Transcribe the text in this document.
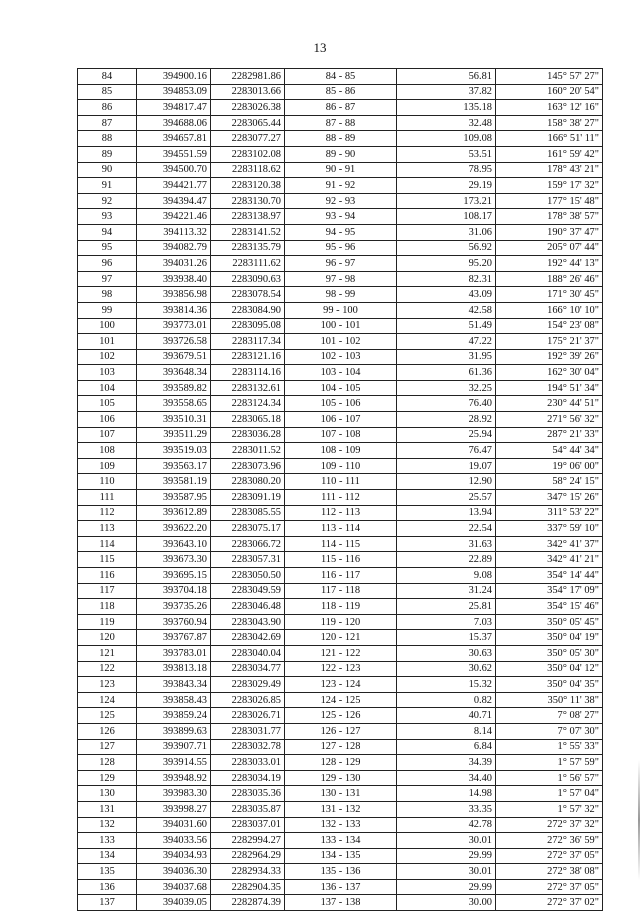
13
84	394900.16	2282981.86	84 - 85	56.81	145° 57' 27"
85	394853.09	2283013.66	85 - 86	37.82	160° 20' 54"
86	394817.47	2283026.38	86 - 87	135.18	163° 12' 16"
87	394688.06	2283065.44	87 - 88	32.48	158° 38' 27"
88	394657.81	2283077.27	88 - 89	109.08	166° 51' 11"
89	394551.59	2283102.08	89 - 90	53.51	161° 59' 42"
90	394500.70	2283118.62	90 - 91	78.95	178° 43' 21"
91	394421.77	2283120.38	91 - 92	29.19	159° 17' 32"
92	394394.47	2283130.70	92 - 93	173.21	177° 15' 48"
93	394221.46	2283138.97	93 - 94	108.17	178° 38' 57"
94	394113.32	2283141.52	94 - 95	31.06	190° 37' 47"
95	394082.79	2283135.79	95 - 96	56.92	205° 07' 44"
96	394031.26	2283111.62	96 - 97	95.20	192° 44' 13"
97	393938.40	2283090.63	97 - 98	82.31	188° 26' 46"
98	393856.98	2283078.54	98 - 99	43.09	171° 30' 45"
99	393814.36	2283084.90	99 - 100	42.58	166° 10' 10"
100	393773.01	2283095.08	100 - 101	51.49	154° 23' 08"
101	393726.58	2283117.34	101 - 102	47.22	175° 21' 37"
102	393679.51	2283121.16	102 - 103	31.95	192° 39' 26"
103	393648.34	2283114.16	103 - 104	61.36	162° 30' 04"
104	393589.82	2283132.61	104 - 105	32.25	194° 51' 34"
105	393558.65	2283124.34	105 - 106	76.40	230° 44' 51"
106	393510.31	2283065.18	106 - 107	28.92	271° 56' 32"
107	393511.29	2283036.28	107 - 108	25.94	287° 21' 33"
108	393519.03	2283011.52	108 - 109	76.47	54° 44' 34"
109	393563.17	2283073.96	109 - 110	19.07	19° 06' 00"
110	393581.19	2283080.20	110 - 111	12.90	58° 24' 15"
111	393587.95	2283091.19	111 - 112	25.57	347° 15' 26"
112	393612.89	2283085.55	112 - 113	13.94	311° 53' 22"
113	393622.20	2283075.17	113 - 114	22.54	337° 59' 10"
114	393643.10	2283066.72	114 - 115	31.63	342° 41' 37"
115	393673.30	2283057.31	115 - 116	22.89	342° 41' 21"
116	393695.15	2283050.50	116 - 117	9.08	354° 14' 44"
117	393704.18	2283049.59	117 - 118	31.24	354° 17' 09"
118	393735.26	2283046.48	118 - 119	25.81	354° 15' 46"
119	393760.94	2283043.90	119 - 120	7.03	350° 05' 45"
120	393767.87	2283042.69	120 - 121	15.37	350° 04' 19"
121	393783.01	2283040.04	121 - 122	30.63	350° 05' 30"
122	393813.18	2283034.77	122 - 123	30.62	350° 04' 12"
123	393843.34	2283029.49	123 - 124	15.32	350° 04' 35"
124	393858.43	2283026.85	124 - 125	0.82	350° 11' 38"
125	393859.24	2283026.71	125 - 126	40.71	7° 08' 27"
126	393899.63	2283031.77	126 - 127	8.14	7° 07' 30"
127	393907.71	2283032.78	127 - 128	6.84	1° 55' 33"
128	393914.55	2283033.01	128 - 129	34.39	1° 57' 59"
129	393948.92	2283034.19	129 - 130	34.40	1° 56' 57"
130	393983.30	2283035.36	130 - 131	14.98	1° 57' 04"
131	393998.27	2283035.87	131 - 132	33.35	1° 57' 32"
132	394031.60	2283037.01	132 - 133	42.78	272° 37' 32"
133	394033.56	2282994.27	133 - 134	30.01	272° 36' 59"
134	394034.93	2282964.29	134 - 135	29.99	272° 37' 05"
135	394036.30	2282934.33	135 - 136	30.01	272° 38' 08"
136	394037.68	2282904.35	136 - 137	29.99	272° 37' 05"
137	394039.05	2282874.39	137 - 138	30.00	272° 37' 02"
